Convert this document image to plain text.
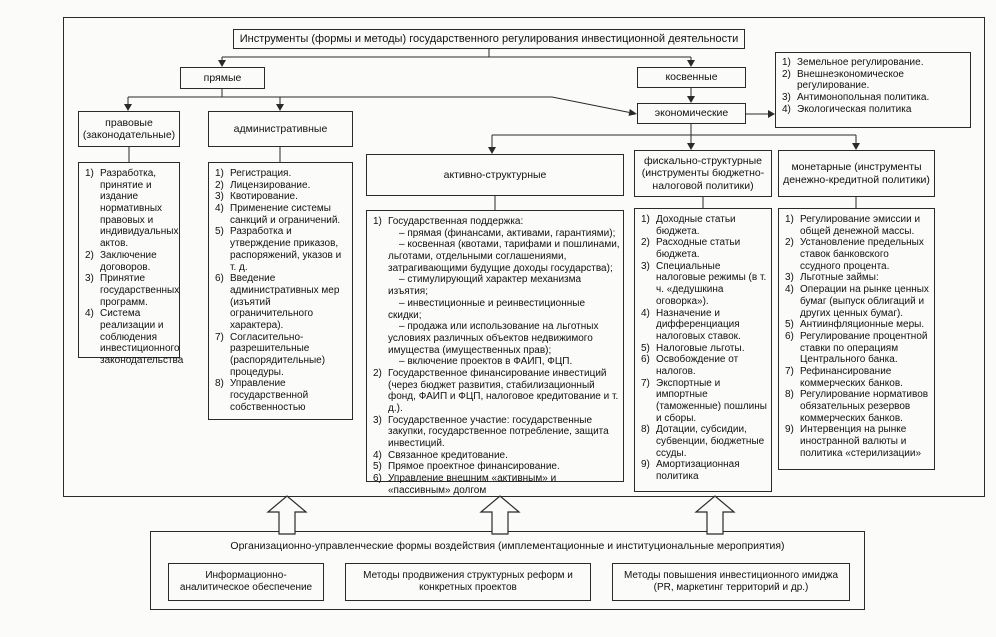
Инструменты (формы и методы) государственного регулирования инвестиционной деятельности
прямые	косвенные
экономические
1) Земельное регулирование.
2) Внешнеэкономическое регулирование.
3) Антимонопольная политика.
4) Экологическая политика
правовые (законодательные)
административные
активно-структурные
фискально-структурные (инструменты бюджетно-налоговой политики)
монетарные (инструменты денежно-кредитной политики)
1) Разработка, принятие и издание нормативных правовых и индивидуальных актов.
2) Заключение договоров.
3) Принятие государственных программ.
4) Система реализации и соблюдения инвестиционного законодательства
1) Регистрация.
2) Лицензирование.
3) Квотирование.
4) Применение системы санкций и ограничений.
5) Разработка и утверждение приказов, распоряжений, указов и т. д.
6) Введение административных мер (изъятий ограничительного характера).
7) Согласительно-разрешительные (распорядительные) процедуры.
8) Управление государственной собственностью
1) Государственная поддержка:
– прямая (финансами, активами, гарантиями);
– косвенная (квотами, тарифами и пошлинами, льготами, отдельными соглашениями, затрагивающими будущие доходы государства);
– стимулирующий характер механизма изъятия;
– инвестиционные и реинвестиционные скидки;
– продажа или использование на льготных условиях различных объектов недвижимого имущества (имущественных прав);
– включение проектов в ФАИП, ФЦП.
2) Государственное финансирование инвестиций (через бюджет развития, стабилизационный фонд, ФАИП и ФЦП, налоговое кредитование и т. д.).
3) Государственное участие: государственные закупки, государственное потребление, защита инвестиций.
4) Связанное кредитование.
5) Прямое проектное финансирование.
6) Управление внешним «активным» и «пассивным» долгом
1) Доходные статьи бюджета.
2) Расходные статьи бюджета.
3) Специальные налоговые режимы (в т. ч. «дедушкина оговорка»).
4) Назначение и дифференциация налоговых ставок.
5) Налоговые льготы.
6) Освобождение от налогов.
7) Экспортные и импортные (таможенные) пошлины и сборы.
8) Дотации, субсидии, субвенции, бюджетные ссуды.
9) Амортизационная политика
1) Регулирование эмиссии и общей денежной массы.
2) Установление предельных ставок банковского ссудного процента.
3) Льготные займы:
4) Операции на рынке ценных бумаг (выпуск облигаций и других ценных бумаг).
5) Антиинфляционные меры.
6) Регулирование процентной ставки по операциям Центрального банка.
7) Рефинансирование коммерческих банков.
8) Регулирование нормативов обязательных резервов коммерческих банков.
9) Интервенция на рынке иностранной валюты и политика «стерилизации»
Организационно-управленческие формы воздействия (имплементационные и институциональные мероприятия)
Информационно-аналитическое обеспечение
Методы продвижения структурных реформ и конкретных проектов
Методы повышения инвестиционного имиджа (PR, маркетинг территорий и др.)
